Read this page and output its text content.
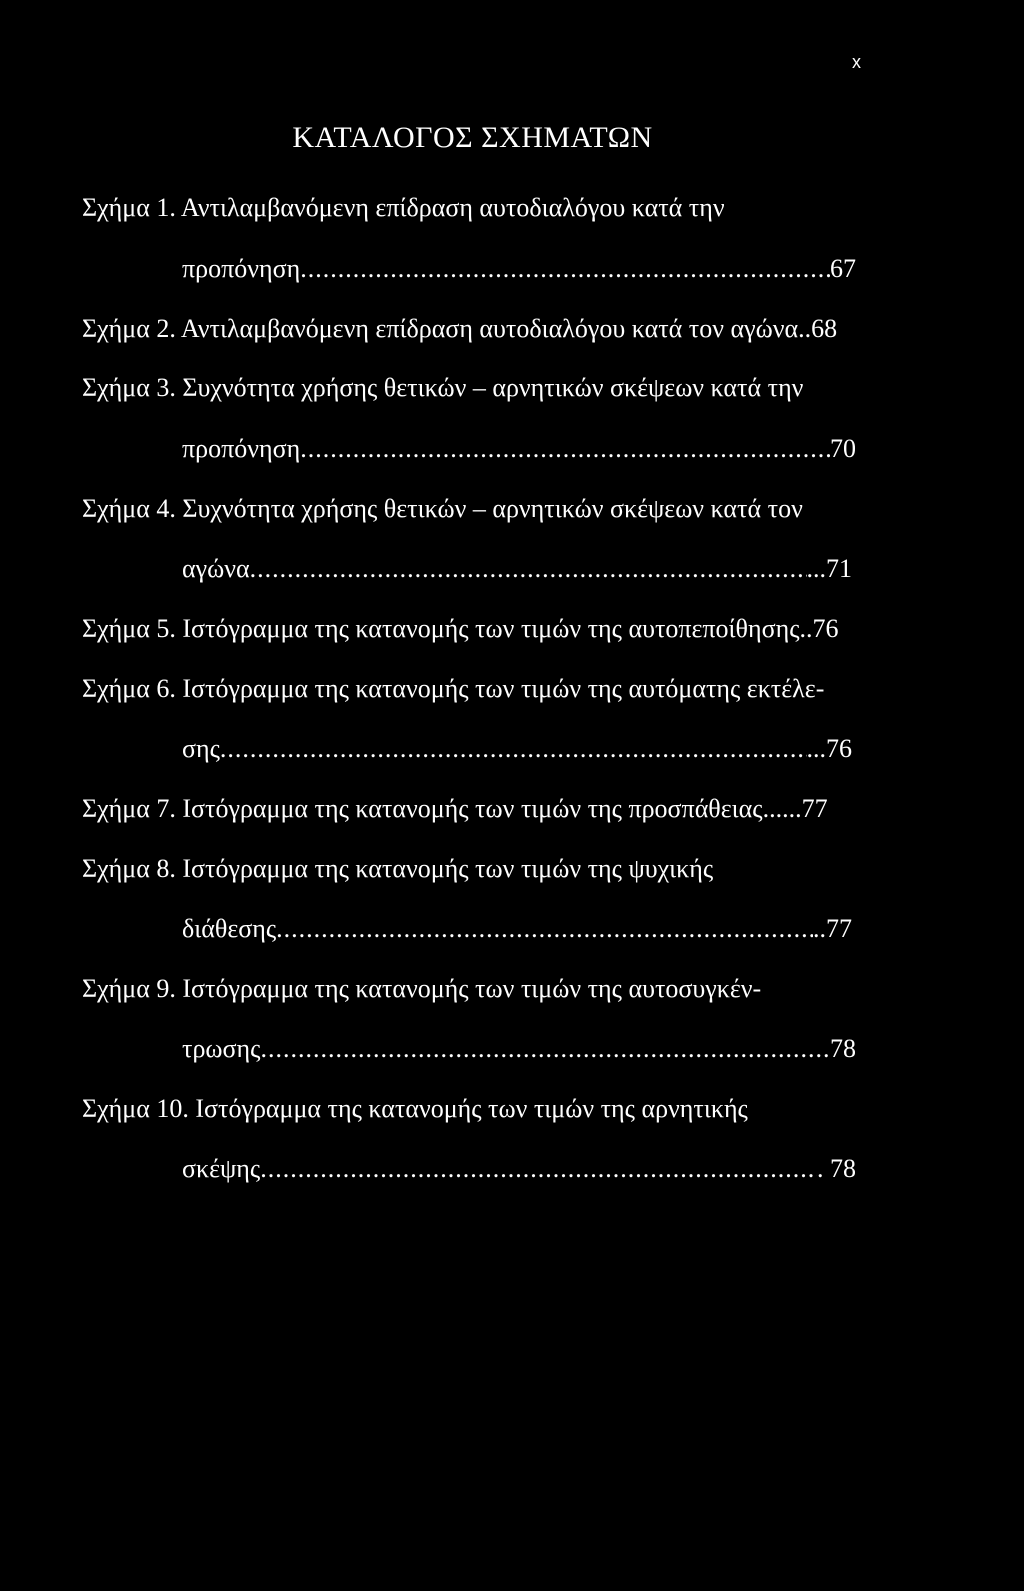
x
ΚΑΤΑΛΟΓΟΣ ΣΧΗΜΑΤΩΝ
Σχήμα 1. Αντιλαμβανόμενη επίδραση αυτοδιαλόγου κατά την
προπόνηση .....	67
Σχήμα 2. Αντιλαμβανόμενη επίδραση αυτοδιαλόγου κατά τον αγώνα ..68
Σχήμα 3. Συχνότητα χρήσης θετικών – αρνητικών σκέψεων κατά την
προπόνηση .....	70
Σχήμα 4. Συχνότητα χρήσης θετικών – αρνητικών σκέψεων κατά τον
αγώνα .....	...71
Σχήμα 5. Ιστόγραμμα της κατανομής των τιμών της αυτοπεποίθησης ..76
Σχήμα 6. Ιστόγραμμα της κατανομής των τιμών της αυτόματης εκτέλε-
σης .....	...76
Σχήμα 7. Ιστόγραμμα της κατανομής των τιμών της προσπάθειας ......77
Σχήμα 8. Ιστόγραμμα της κατανομής των τιμών της ψυχικής
διάθεσης .....	..77
Σχήμα 9. Ιστόγραμμα της κατανομής των τιμών της αυτοσυγκέν-
τρωσης .....	78
Σχήμα 10. Ιστόγραμμα της κατανομής των τιμών της αρνητικής
σκέψης .....	. 78
